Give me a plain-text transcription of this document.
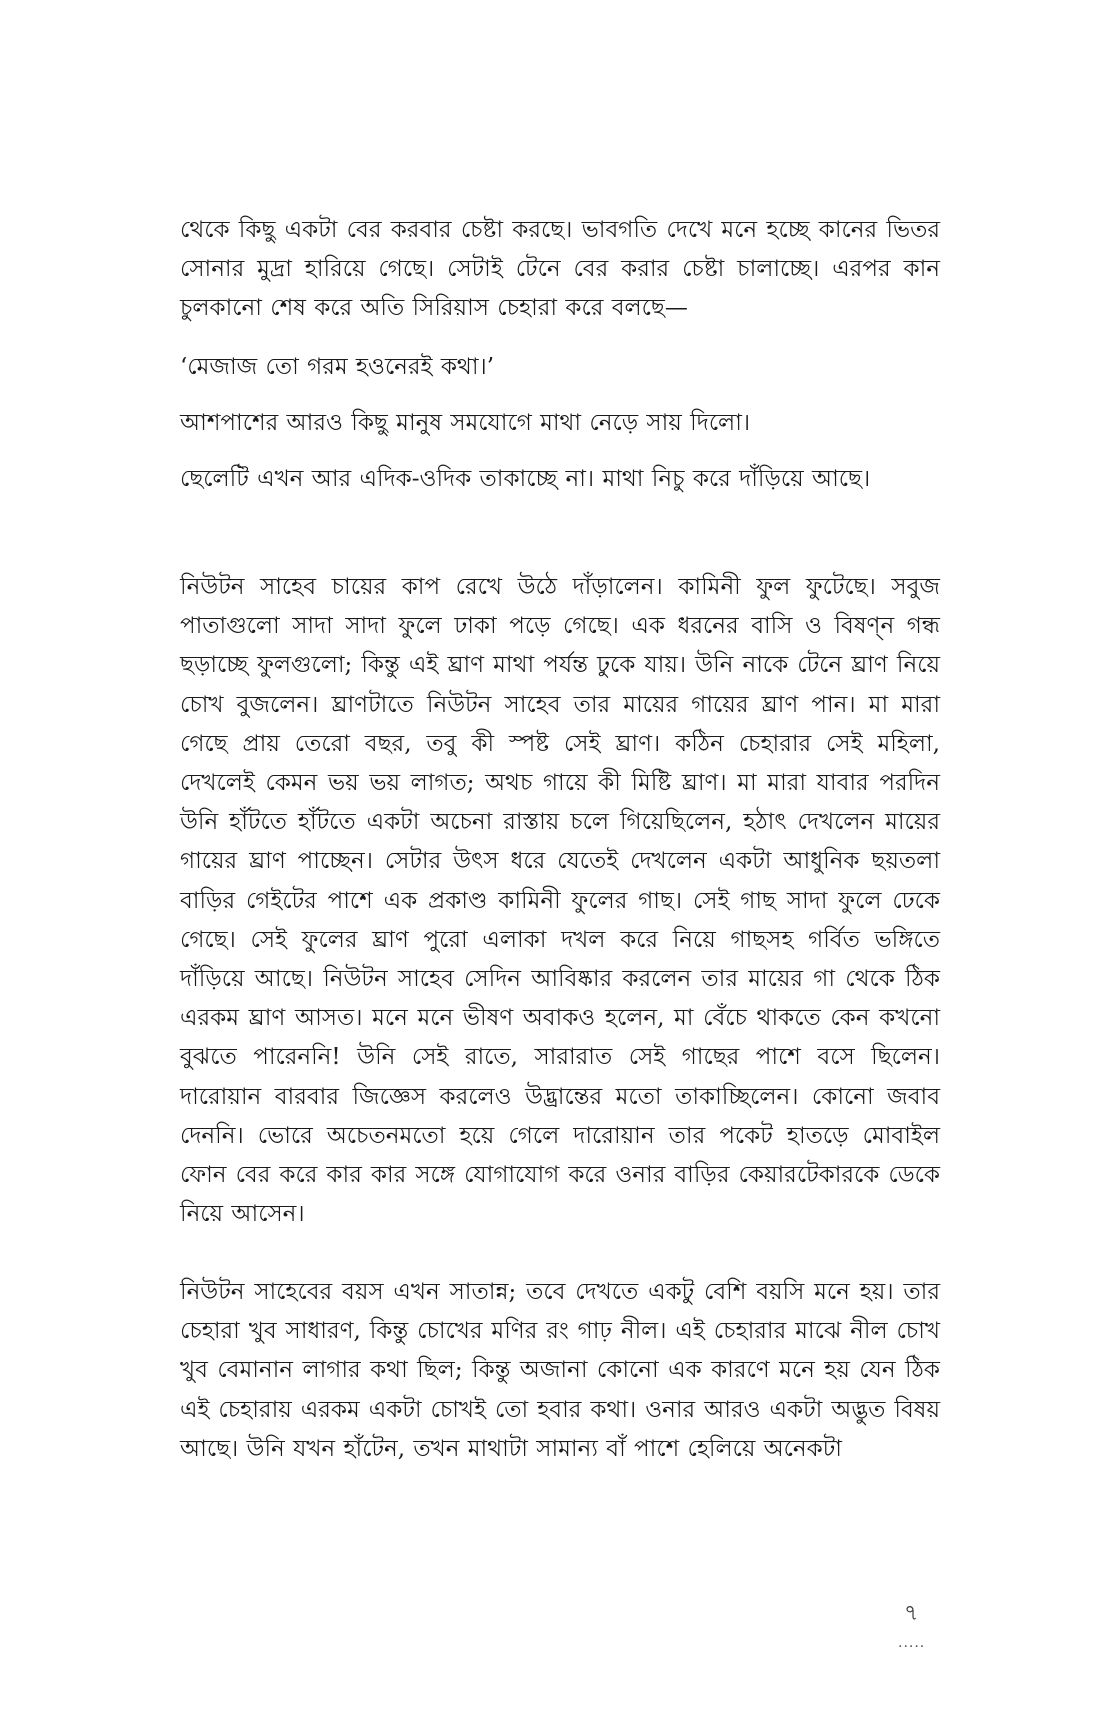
থেকে কিছু একটা বের করবার চেষ্টা করছে। ভাবগতি দেখে মনে হচ্ছে কানের ভিতর সোনার মুদ্রা হারিয়ে গেছে। সেটাই টেনে বের করার চেষ্টা চালাচ্ছে। এরপর কান চুলকানো শেষ করে অতি সিরিয়াস চেহারা করে বলছে—

‘মেজাজ তো গরম হওনেরই কথা।’

আশপাশের আরও কিছু মানুষ সমযোগে মাথা নেড়ে সায় দিলো।

ছেলেটি এখন আর এদিক-ওদিক তাকাচ্ছে না। মাথা নিচু করে দাঁড়িয়ে আছে।

নিউটন সাহেব চায়ের কাপ রেখে উঠে দাঁড়ালেন। কামিনী ফুল ফুটেছে। সবুজ পাতাগুলো সাদা সাদা ফুলে ঢাকা পড়ে গেছে। এক ধরনের বাসি ও বিষণ্ন গন্ধ ছড়াচ্ছে ফুলগুলো; কিন্তু এই ঘ্রাণ মাথা পর্যন্ত ঢুকে যায়। উনি নাকে টেনে ঘ্রাণ নিয়ে চোখ বুজলেন। ঘ্রাণটাতে নিউটন সাহেব তার মায়ের গায়ের ঘ্রাণ পান। মা মারা গেছে প্রায় তেরো বছর, তবু কী স্পষ্ট সেই ঘ্রাণ। কঠিন চেহারার সেই মহিলা, দেখলেই কেমন ভয় ভয় লাগত; অথচ গায়ে কী মিষ্টি ঘ্রাণ। মা মারা যাবার পরদিন উনি হাঁটতে হাঁটতে একটা অচেনা রাস্তায় চলে গিয়েছিলেন, হঠাৎ দেখলেন মায়ের গায়ের ঘ্রাণ পাচ্ছেন। সেটার উৎস ধরে যেতেই দেখলেন একটা আধুনিক ছয়তলা বাড়ির গেইটের পাশে এক প্রকাণ্ড কামিনী ফুলের গাছ। সেই গাছ সাদা ফুলে ঢেকে গেছে। সেই ফুলের ঘ্রাণ পুরো এলাকা দখল করে নিয়ে গাছসহ গর্বিত ভঙ্গিতে দাঁড়িয়ে আছে। নিউটন সাহেব সেদিন আবিষ্কার করলেন তার মায়ের গা থেকে ঠিক এরকম ঘ্রাণ আসত। মনে মনে ভীষণ অবাকও হলেন, মা বেঁচে থাকতে কেন কখনো বুঝতে পারেননি! উনি সেই রাতে, সারারাত সেই গাছের পাশে বসে ছিলেন। দারোয়ান বারবার জিজ্ঞেস করলেও উদ্ভ্রান্তের মতো তাকাচ্ছিলেন। কোনো জবাব দেননি। ভোরে অচেতনমতো হয়ে গেলে দারোয়ান তার পকেট হাতড়ে মোবাইল ফোন বের করে কার কার সঙ্গে যোগাযোগ করে ওনার বাড়ির কেয়ারটেকারকে ডেকে নিয়ে আসেন।

নিউটন সাহেবের বয়স এখন সাতান্ন; তবে দেখতে একটু বেশি বয়সি মনে হয়। তার চেহারা খুব সাধারণ, কিন্তু চোখের মণির রং গাঢ় নীল। এই চেহারার মাঝে নীল চোখ খুব বেমানান লাগার কথা ছিল; কিন্তু অজানা কোনো এক কারণে মনে হয় যেন ঠিক এই চেহারায় এরকম একটা চোখই তো হবার কথা। ওনার আরও একটা অদ্ভুত বিষয় আছে। উনি যখন হাঁটেন, তখন মাথাটা সামান্য বাঁ পাশে হেলিয়ে অনেকটা

৭
.....
